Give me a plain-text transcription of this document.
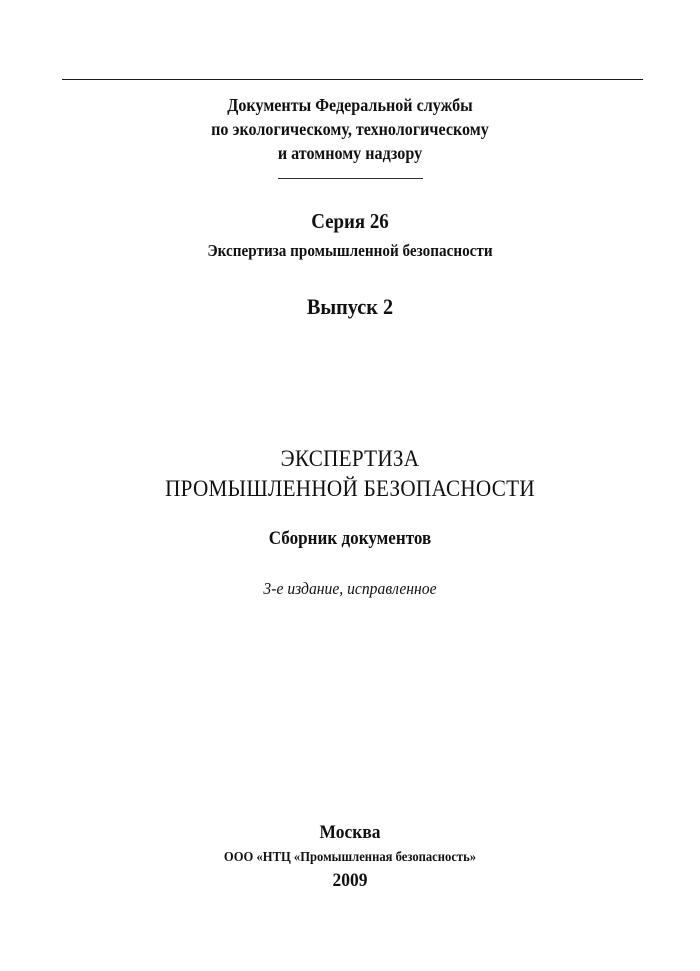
Документы Федеральной службы
по экологическому, технологическому
и атомному надзору
Серия 26
Экспертиза промышленной безопасности
Выпуск 2
ЭКСПЕРТИЗА
ПРОМЫШЛЕННОЙ БЕЗОПАСНОСТИ
Сборник документов
3-е издание, исправленное
Москва
ООО «НТЦ «Промышленная безопасность»
2009
